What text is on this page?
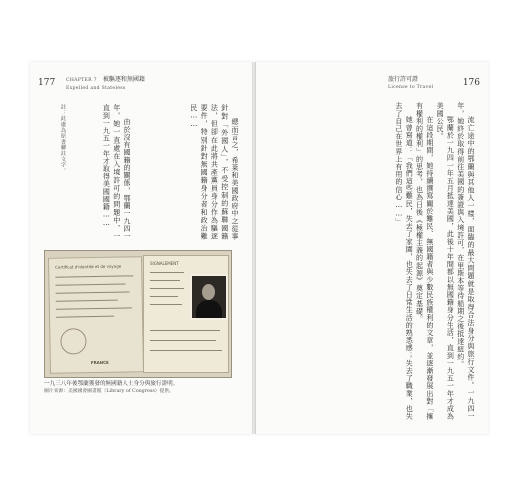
177 CHAPTER 7 被驅逐和無國籍
Expelled and Stateless

總而言之，希莱和美國政府中之從事針對「外國人」，不受控制的蘇聯國籍法，但卻在此將共產黨員身分作為驅逐要件，特別針對無國籍身分者和政治難民……

由於沒有國籍的關係，鄂蘭一九四一年，她一直處在入境許可的問題中，一直到一九五一年才取得美國國籍……

註：此處為原書腳註文字。
Certificat d'identité et de voyage
FRANCE
SIGNALEMENT
一九三八年後鄂蘭獲發的無國籍人士身分與旅行證明。
圖片來源：美國國會圖書館（Library of Congress）提供。
旅行許可證
License to Travel	176

流亡途中的鄂蘭與其他人一樣，面臨的最大問題就是取得合法身分與旅行文件。一九四一年，她終於取得前往美國的簽證與入境許可，在里斯本等待船期之後抵達紐約。

鄂蘭於一九四一年五月抵達美國，此後十年間都以無國籍身分生活，直到一九五一年才成為美國公民。

在這段期間，她持續撰寫關於難民、無國籍者與少數民族權利的文章，並逐漸發展出對「擁有權利的權利」的思考，也為日後《極權主義的起源》奠定基礎。

她曾寫道：「我們這些難民，失去了家園，也失去了日常生活的熟悉感；失去了職業，也失去了自己在世界上有用的信心……」
